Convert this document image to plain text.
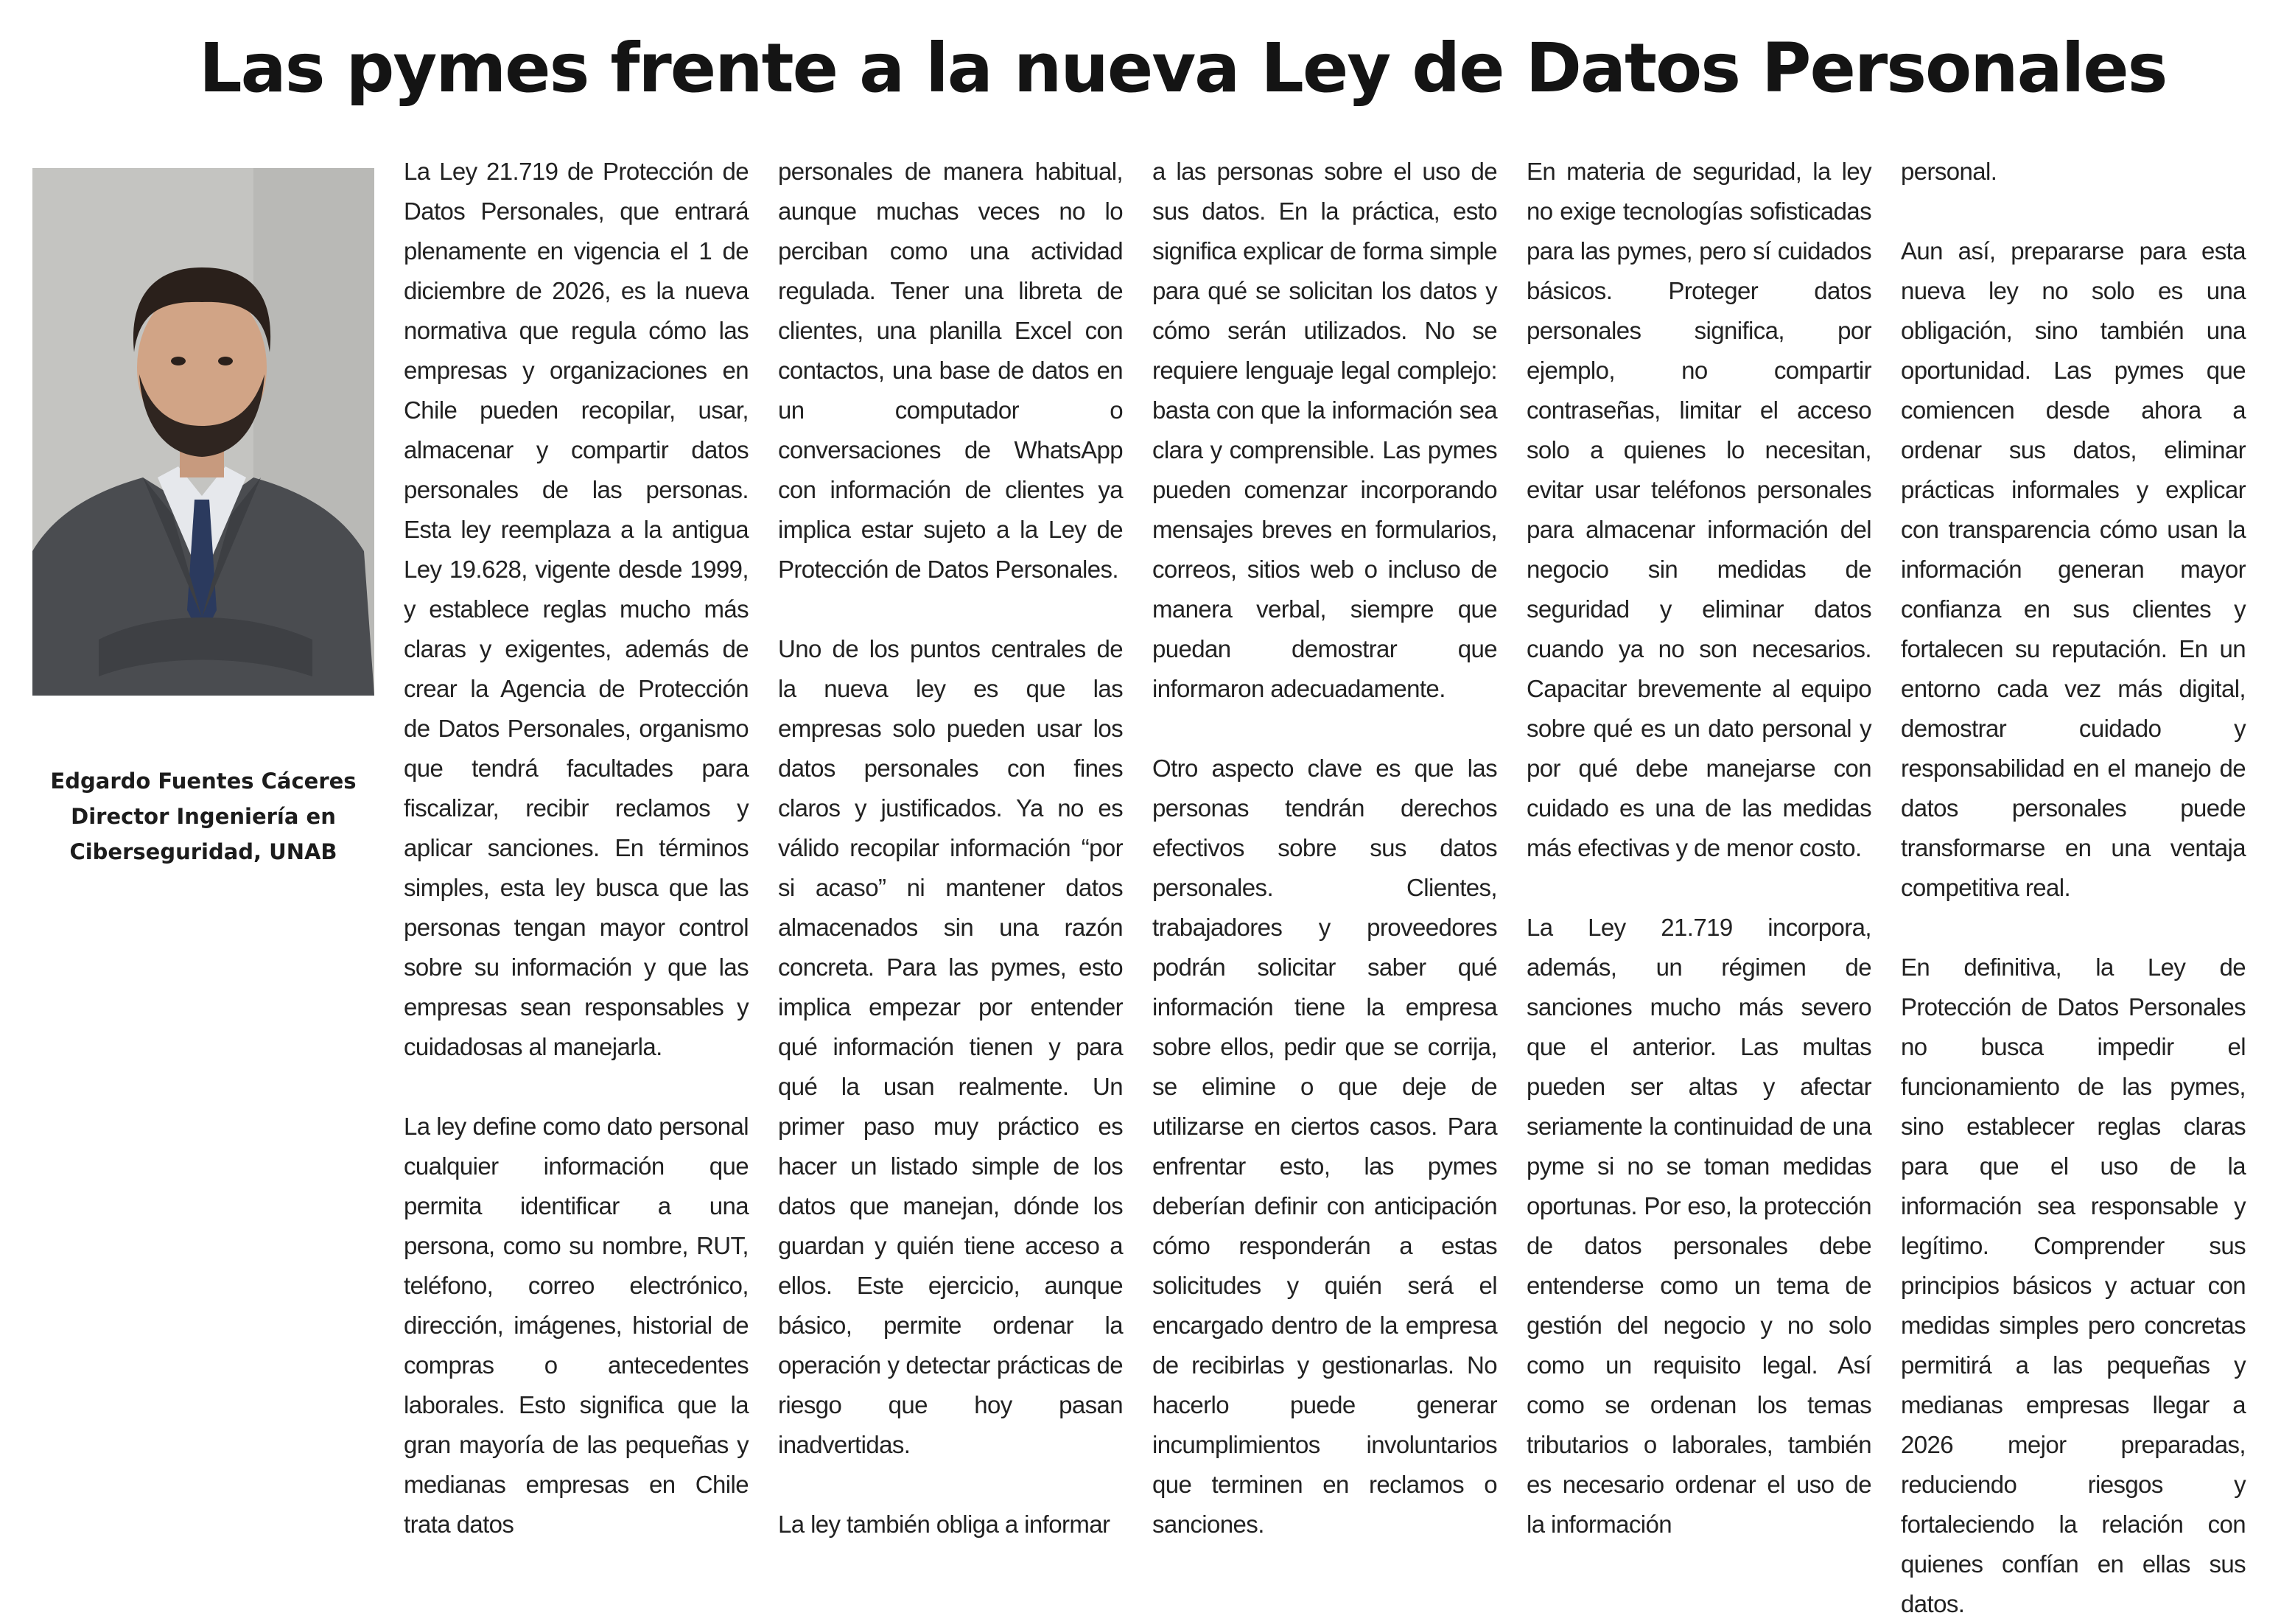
Las pymes frente a la nueva Ley de Datos Personales
Edgardo Fuentes Cáceres
Director Ingeniería en
Ciberseguridad, UNAB

La Ley 21.719 de Protección de Datos Personales, que entrará plenamente en vigencia el 1 de diciembre de 2026, es la nueva normativa que regula cómo las empresas y organizaciones en Chile pueden recopilar, usar, almacenar y compartir datos personales de las personas. Esta ley reemplaza a la antigua Ley 19.628, vigente desde 1999, y establece reglas mucho más claras y exigentes, además de crear la Agencia de Protección de Datos Personales, organismo que tendrá facultades para fiscalizar, recibir reclamos y aplicar sanciones. En términos simples, esta ley busca que las personas tengan mayor control sobre su información y que las empresas sean responsables y cuidadosas al manejarla.

La ley define como dato personal cualquier información que permita identificar a una persona, como su nombre, RUT, teléfono, correo electrónico, dirección, imágenes, historial de compras o antecedentes laborales. Esto significa que la gran mayoría de las pequeñas y medianas empresas en Chile trata datos

personales de manera habitual, aunque muchas veces no lo perciban como una actividad regulada. Tener una libreta de clientes, una planilla Excel con contactos, una base de datos en un computador o conversaciones de WhatsApp con información de clientes ya implica estar sujeto a la Ley de Protección de Datos Personales.

Uno de los puntos centrales de la nueva ley es que las empresas solo pueden usar los datos personales con fines claros y justificados. Ya no es válido recopilar información “por si acaso” ni mantener datos almacenados sin una razón concreta. Para las pymes, esto implica empezar por entender qué información tienen y para qué la usan realmente. Un primer paso muy práctico es hacer un listado simple de los datos que manejan, dónde los guardan y quién tiene acceso a ellos. Este ejercicio, aunque básico, permite ordenar la operación y detectar prácticas de riesgo que hoy pasan inadvertidas.

La ley también obliga a informar

a las personas sobre el uso de sus datos. En la práctica, esto significa explicar de forma simple para qué se solicitan los datos y cómo serán utilizados. No se requiere lenguaje legal complejo: basta con que la información sea clara y comprensible. Las pymes pueden comenzar incorporando mensajes breves en formularios, correos, sitios web o incluso de manera verbal, siempre que puedan demostrar que informaron adecuadamente.

Otro aspecto clave es que las personas tendrán derechos efectivos sobre sus datos personales. Clientes, trabajadores y proveedores podrán solicitar saber qué información tiene la empresa sobre ellos, pedir que se corrija, se elimine o que deje de utilizarse en ciertos casos. Para enfrentar esto, las pymes deberían definir con anticipación cómo responderán a estas solicitudes y quién será el encargado dentro de la empresa de recibirlas y gestionarlas. No hacerlo puede generar incumplimientos involuntarios que terminen en reclamos o sanciones.

En materia de seguridad, la ley no exige tecnologías sofisticadas para las pymes, pero sí cuidados básicos. Proteger datos personales significa, por ejemplo, no compartir contraseñas, limitar el acceso solo a quienes lo necesitan, evitar usar teléfonos personales para almacenar información del negocio sin medidas de seguridad y eliminar datos cuando ya no son necesarios. Capacitar brevemente al equipo sobre qué es un dato personal y por qué debe manejarse con cuidado es una de las medidas más efectivas y de menor costo.

La Ley 21.719 incorpora, además, un régimen de sanciones mucho más severo que el anterior. Las multas pueden ser altas y afectar seriamente la continuidad de una pyme si no se toman medidas oportunas. Por eso, la protección de datos personales debe entenderse como un tema de gestión del negocio y no solo como un requisito legal. Así como se ordenan los temas tributarios o laborales, también es necesario ordenar el uso de la información

personal.

Aun así, prepararse para esta nueva ley no solo es una obligación, sino también una oportunidad. Las pymes que comiencen desde ahora a ordenar sus datos, eliminar prácticas informales y explicar con transparencia cómo usan la información generan mayor confianza en sus clientes y fortalecen su reputación. En un entorno cada vez más digital, demostrar cuidado y responsabilidad en el manejo de datos personales puede transformarse en una ventaja competitiva real.

En definitiva, la Ley de Protección de Datos Personales no busca impedir el funcionamiento de las pymes, sino establecer reglas claras para que el uso de la información sea responsable y legítimo. Comprender sus principios básicos y actuar con medidas simples pero concretas permitirá a las pequeñas y medianas empresas llegar a 2026 mejor preparadas, reduciendo riesgos y fortaleciendo la relación con quienes confían en ellas sus datos.
